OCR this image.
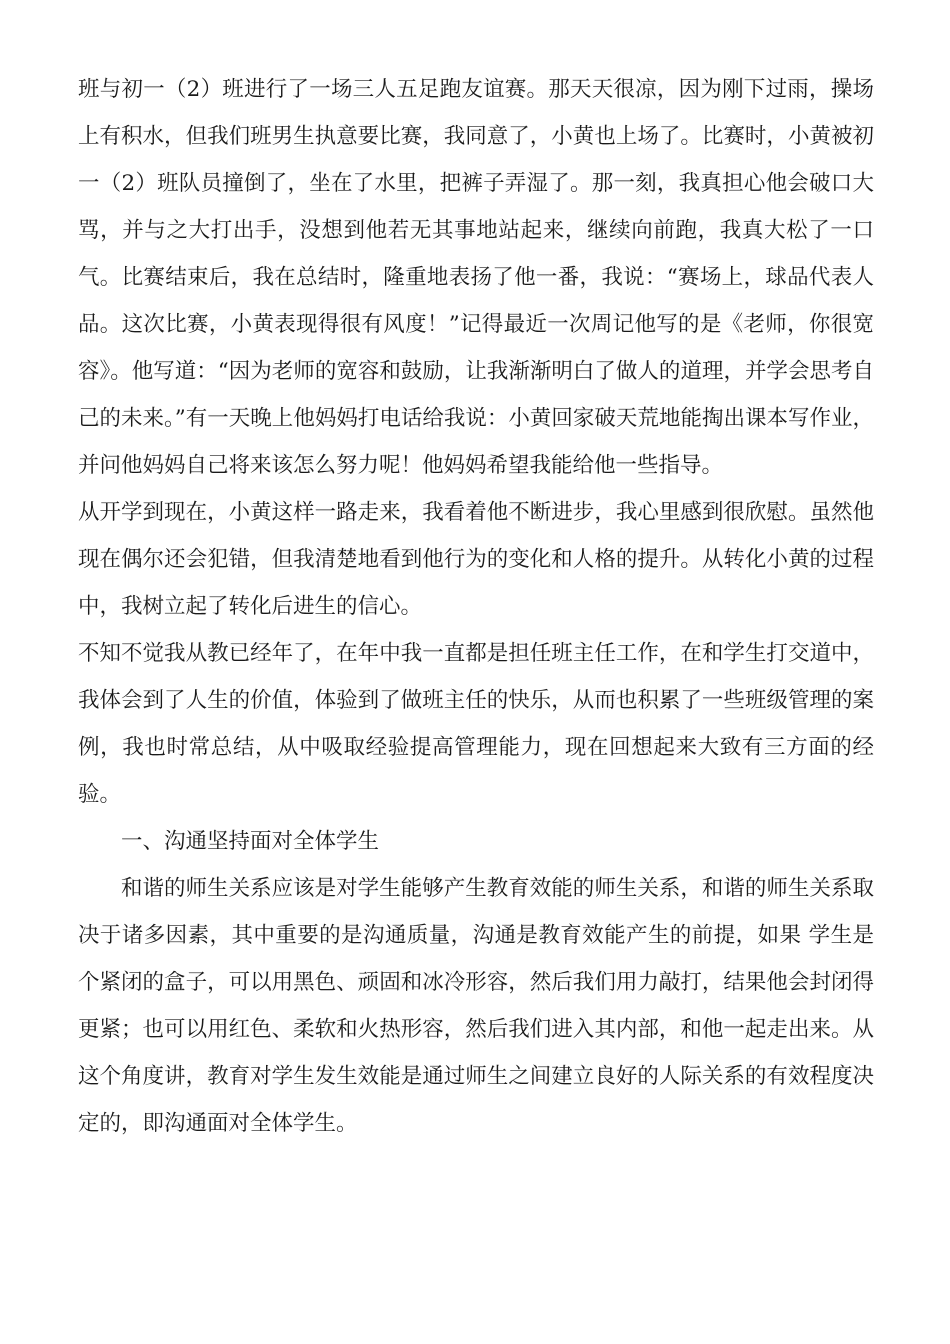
班与初一（2）班进行了一场三人五足跑友谊赛。那天天很凉，因为刚下过雨，操场上有积水，但我们班男生执意要比赛，我同意了，小黄也上场了。比赛时，小黄被初一（2）班队员撞倒了，坐在了水里，把裤子弄湿了。那一刻，我真担心他会破口大骂，并与之大打出手，没想到他若无其事地站起来，继续向前跑，我真大松了一口气。比赛结束后，我在总结时，隆重地表扬了他一番，我说：“赛场上，球品代表人品。这次比赛，小黄表现得很有风度！”记得最近一次周记他写的是《老师，你很宽容》。他写道：“因为老师的宽容和鼓励，让我渐渐明白了做人的道理，并学会思考自己的未来。”有一天晚上他妈妈打电话给我说：小黄回家破天荒地能掏出课本写作业，并问他妈妈自己将来该怎么努力呢！他妈妈希望我能给他一些指导。

从开学到现在，小黄这样一路走来，我看着他不断进步，我心里感到很欣慰。虽然他现在偶尔还会犯错，但我清楚地看到他行为的变化和人格的提升。从转化小黄的过程中，我树立起了转化后进生的信心。

不知不觉我从教已经年了，在年中我一直都是担任班主任工作，在和学生打交道中，我体会到了人生的价值，体验到了做班主任的快乐，从而也积累了一些班级管理的案例，我也时常总结，从中吸取经验提高管理能力，现在回想起来大致有三方面的经验。

一、沟通坚持面对全体学生

和谐的师生关系应该是对学生能够产生教育效能的师生关系，和谐的师生关系取决于诸多因素，其中重要的是沟通质量，沟通是教育效能产生的前提，如果 学生是个紧闭的盒子，可以用黑色、顽固和冰冷形容，然后我们用力敲打，结果他会封闭得更紧；也可以用红色、柔软和火热形容，然后我们进入其内部，和他一起走出来。从这个角度讲，教育对学生发生效能是通过师生之间建立良好的人际关系的有效程度决定的，即沟通面对全体学生。
